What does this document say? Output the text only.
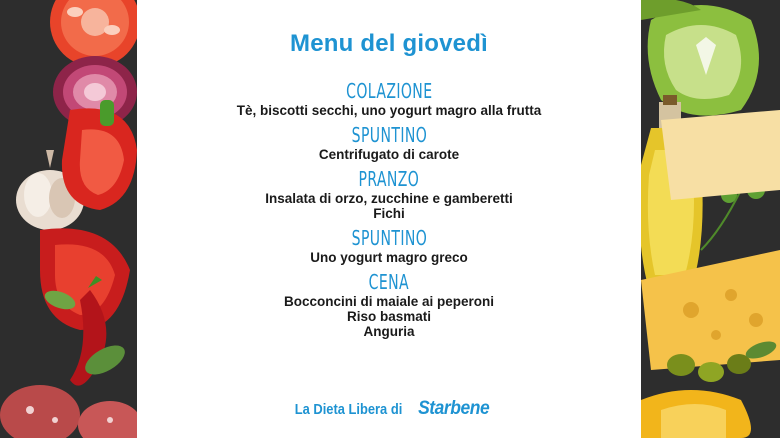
Menu del giovedì
COLAZIONE
Tè, biscotti secchi, uno yogurt magro alla frutta
SPUNTINO
Centrifugato di carote
PRANZO
Insalata di orzo, zucchine e gamberetti
Fichi
SPUNTINO
Uno yogurt magro greco
CENA
Bocconcini di maiale ai peperoni
Riso basmati
Anguria
La Dieta Libera di Starbene
